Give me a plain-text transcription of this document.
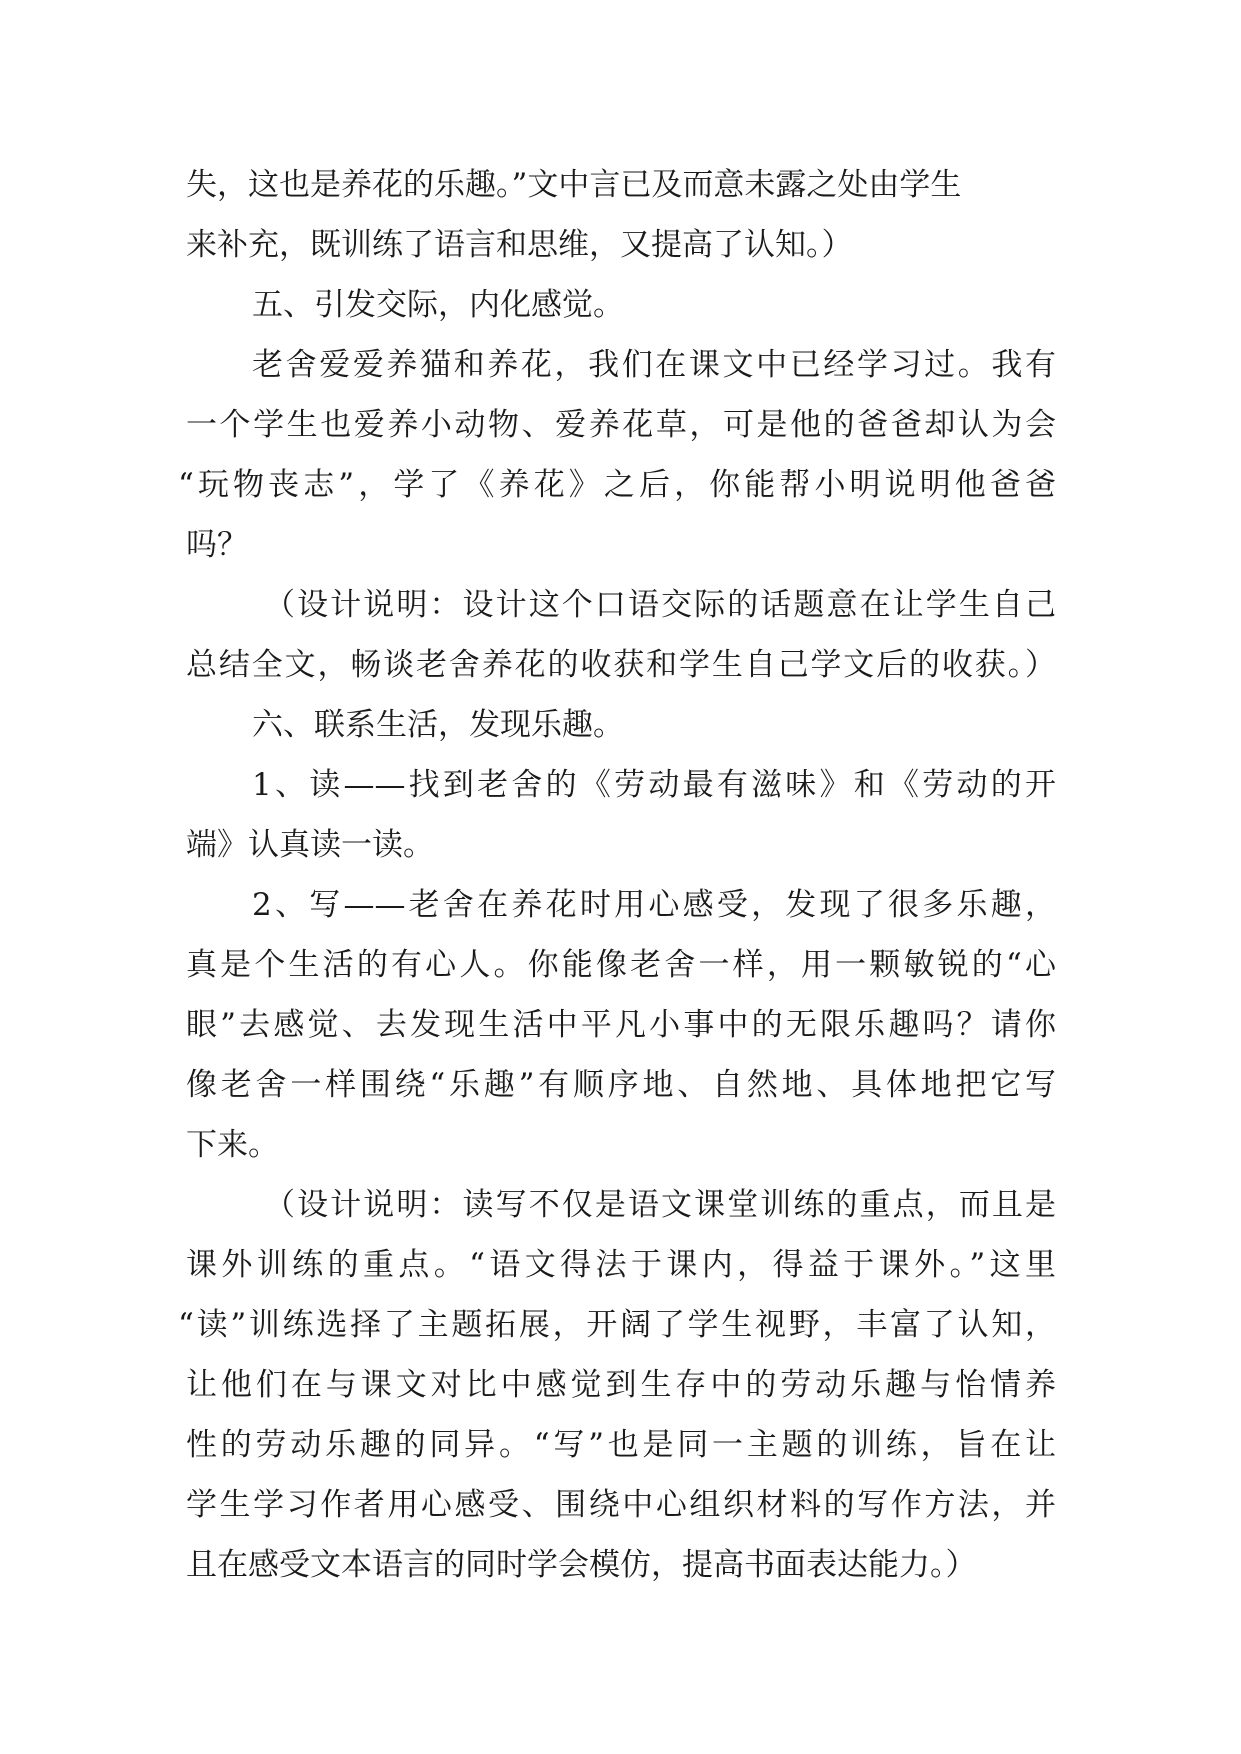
失，这也是养花的乐趣。”文中言已及而意未露之处由学生
来补充，既训练了语言和思维，又提高了认知。）
五、引发交际，内化感觉。
老舍爱爱养猫和养花，我们在课文中已经学习过。我有
一个学生也爱养小动物、爱养花草，可是他的爸爸却认为会
“玩物丧志”，学了《养花》之后，你能帮小明说明他爸爸
吗？
（设计说明：设计这个口语交际的话题意在让学生自己
总结全文，畅谈老舍养花的收获和学生自己学文后的收获。）
六、联系生活，发现乐趣。
1、读——找到老舍的《劳动最有滋味》和《劳动的开
端》认真读一读。
2、写——老舍在养花时用心感受，发现了很多乐趣，
真是个生活的有心人。你能像老舍一样，用一颗敏锐的“心
眼”去感觉、去发现生活中平凡小事中的无限乐趣吗？请你
像老舍一样围绕“乐趣”有顺序地、自然地、具体地把它写
下来。
（设计说明：读写不仅是语文课堂训练的重点，而且是
课外训练的重点。“语文得法于课内，得益于课外。”这里
“读”训练选择了主题拓展，开阔了学生视野，丰富了认知，
让他们在与课文对比中感觉到生存中的劳动乐趣与怡情养
性的劳动乐趣的同异。“写”也是同一主题的训练，旨在让
学生学习作者用心感受、围绕中心组织材料的写作方法，并
且在感受文本语言的同时学会模仿，提高书面表达能力。）
